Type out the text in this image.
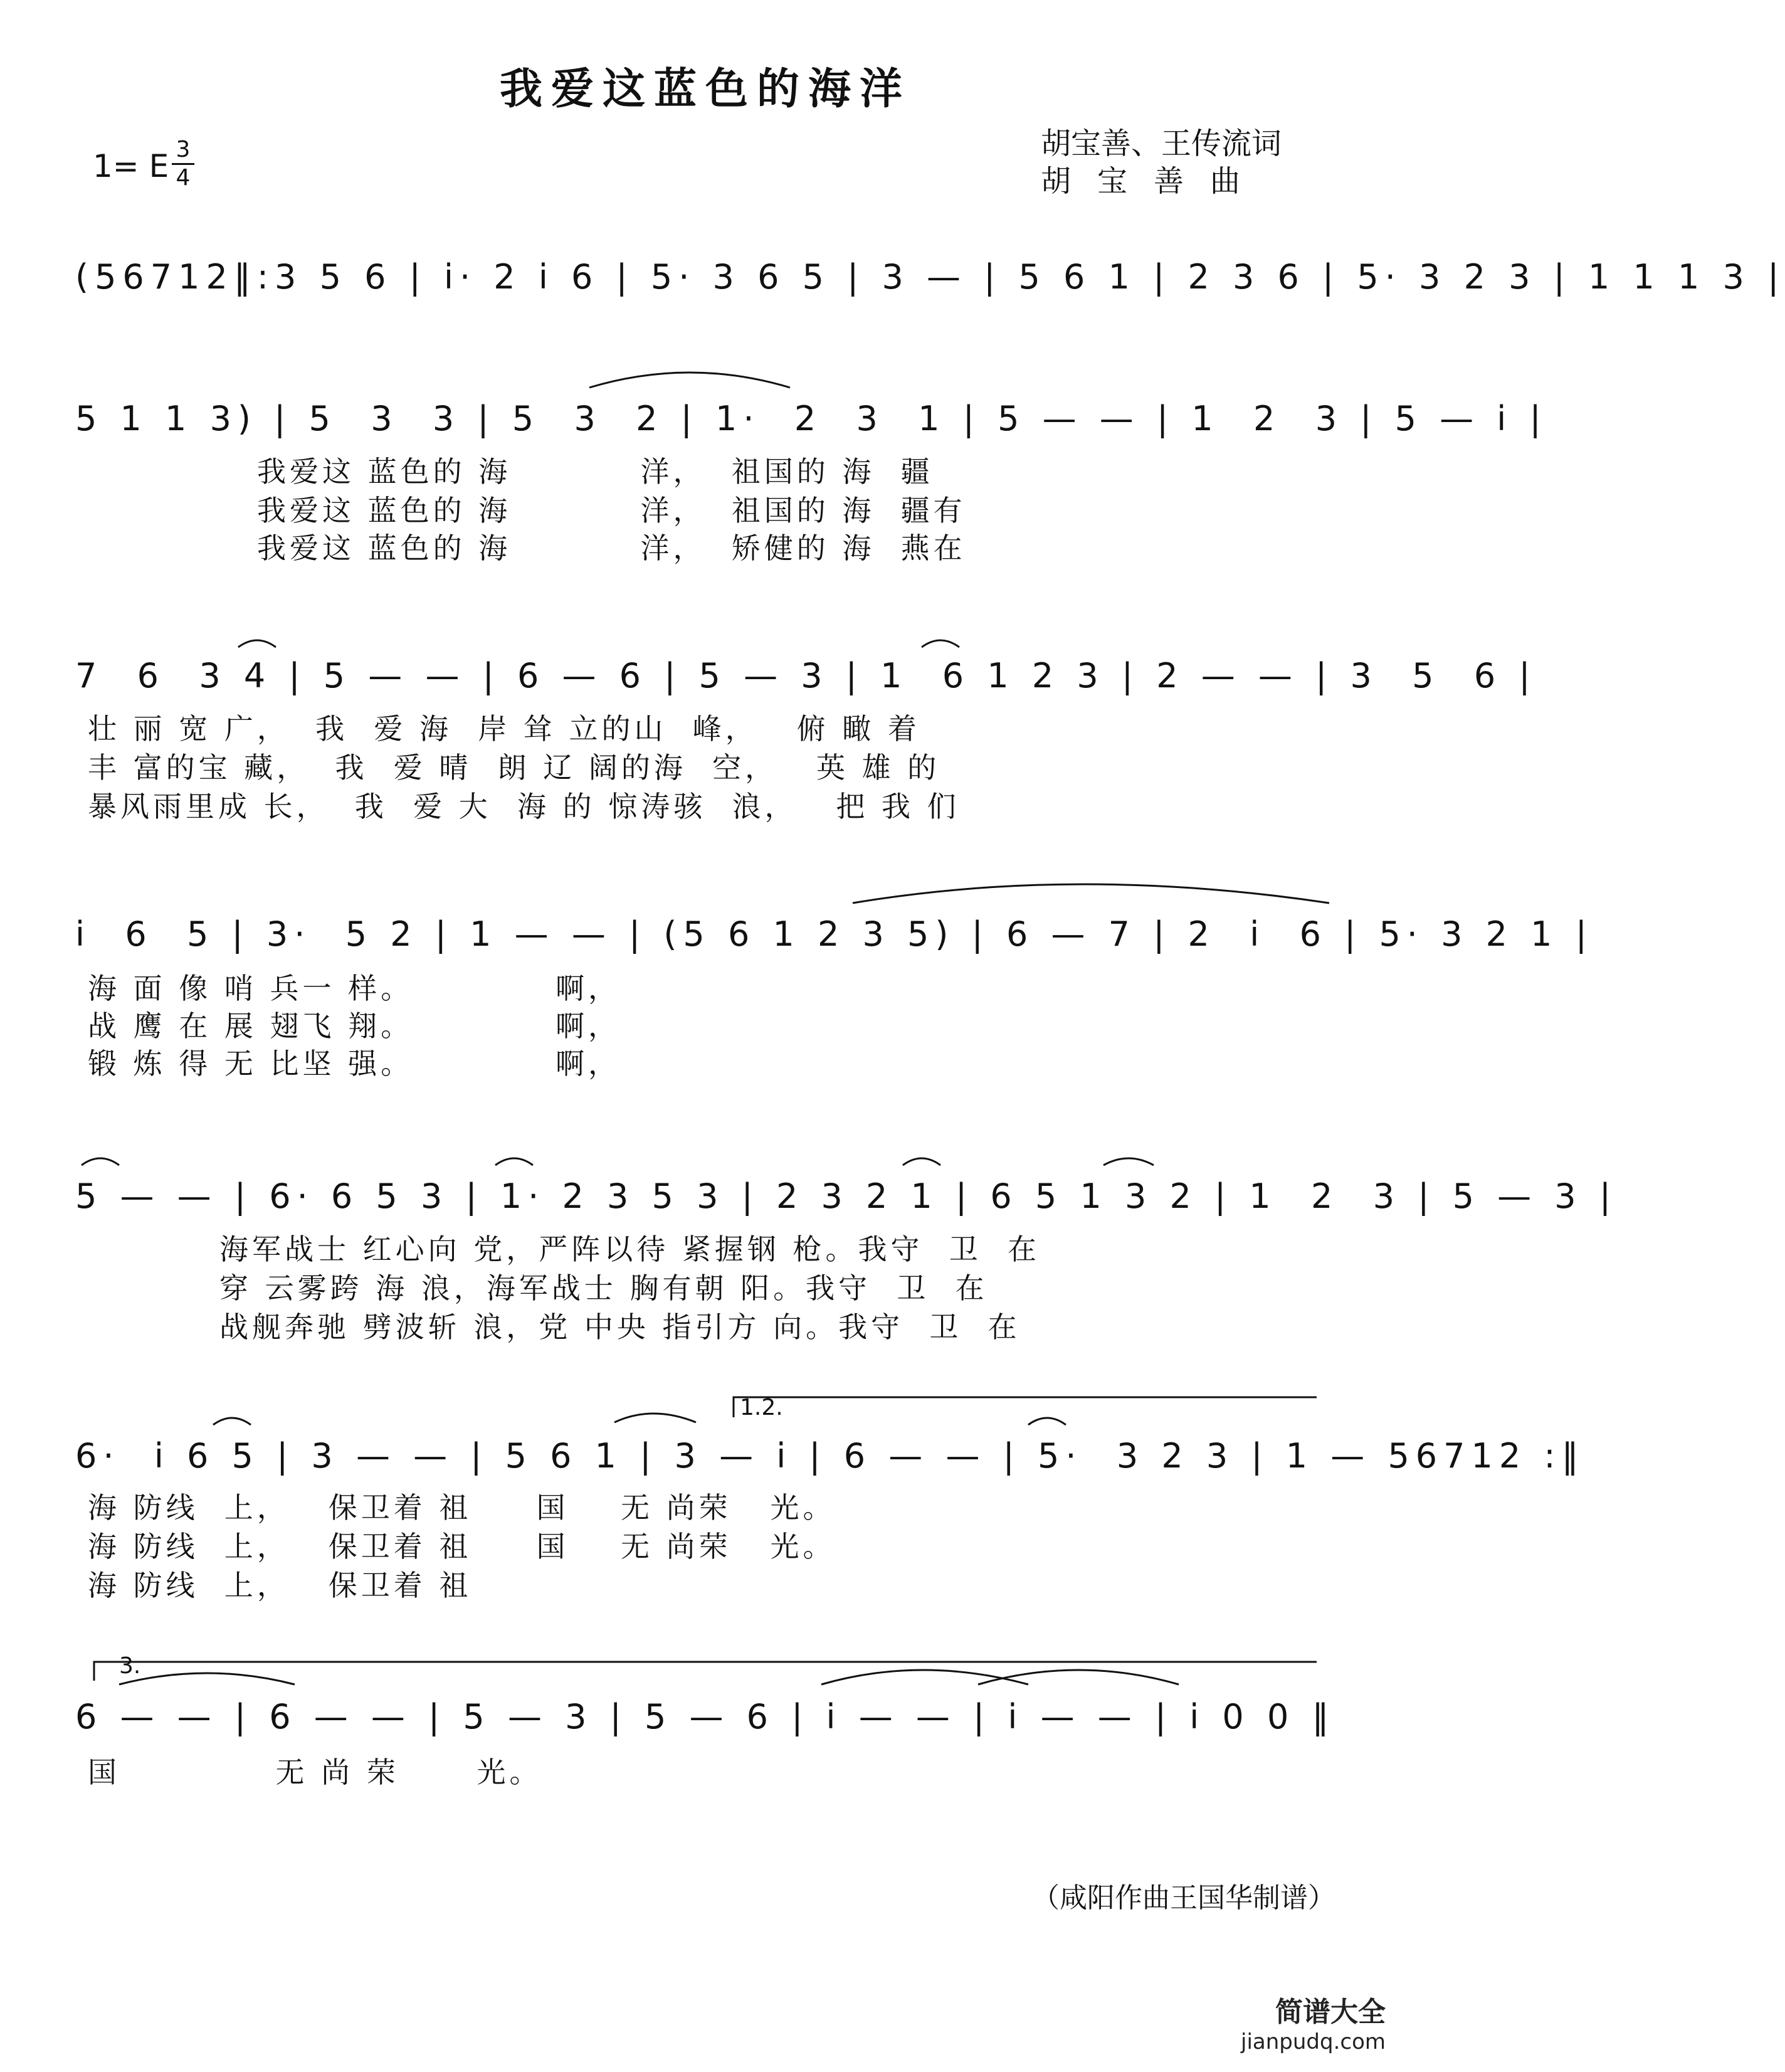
我爱这蓝色的海洋
1= E 3
4
胡宝善、王传流词
胡宝善曲
(56712‖:3 5 6 | i· 2 i 6 | 5· 3 6 5 | 3 — | 5 6 1 | 2 3 6 | 5· 3 2 3 | 1 1 1 3 |
5 1 1 3) | 5  3  3 | 5  3  2 | 1·  2  3  1 | 5 — — | 1  2  3 | 5 — i |
我爱这 蓝色的 海          洋，  祖国的 海  疆
我爱这 蓝色的 海          洋，  祖国的 海  疆有
我爱这 蓝色的 海          洋，  矫健的 海  燕在
7  6  3 4 | 5 — — | 6 — 6 | 5 — 3 | 1  6 1 2 3 | 2 — — | 3  5  6 |
壮 丽 宽 广，  我  爱 海  岸 耸 立的山  峰，   俯 瞰 着
丰 富的宝 藏，  我  爱 晴  朗 辽 阔的海  空，   英 雄 的
暴风雨里成 长，  我  爱 大  海 的 惊涛骇  浪，   把 我 们
i  6  5 | 3·  5 2 | 1 — — | (5 6 1 2 3 5) | 6 — 7 | 2  i  6 | 5· 3 2 1 |
海 面 像 哨 兵一 样。           啊，
战 鹰 在 展 翅飞 翔。           啊，
锻 炼 得 无 比坚 强。           啊，
5 — — | 6· 6 5 3 | 1· 2 3 5 3 | 2 3 2 1 | 6 5 1 3 2 | 1  2  3 | 5 — 3 |
海军战士 红心向 党，严阵以待 紧握钢 枪。我守  卫  在
穿 云雾跨 海 浪，海军战士 胸有朝 阳。我守  卫  在
战舰奔驰 劈波斩 浪，党 中央 指引方 向。我守  卫  在
1.2.
6·  i 6 5 | 3 — — | 5 6 1 | 3 — i | 6 — — | 5·  3 2 3 | 1 — 56712 :‖
海 防线  上，   保卫着 祖     国    无 尚荣   光。
海 防线  上，   保卫着 祖     国    无 尚荣   光。
海 防线  上，   保卫着 祖
3.
6 — — | 6 — — | 5 — 3 | 5 — 6 | i — — | i — — | i 0 0 ‖
国            无 尚 荣      光。
（咸阳作曲王国华制谱）
简谱大全
jianpudq.com
